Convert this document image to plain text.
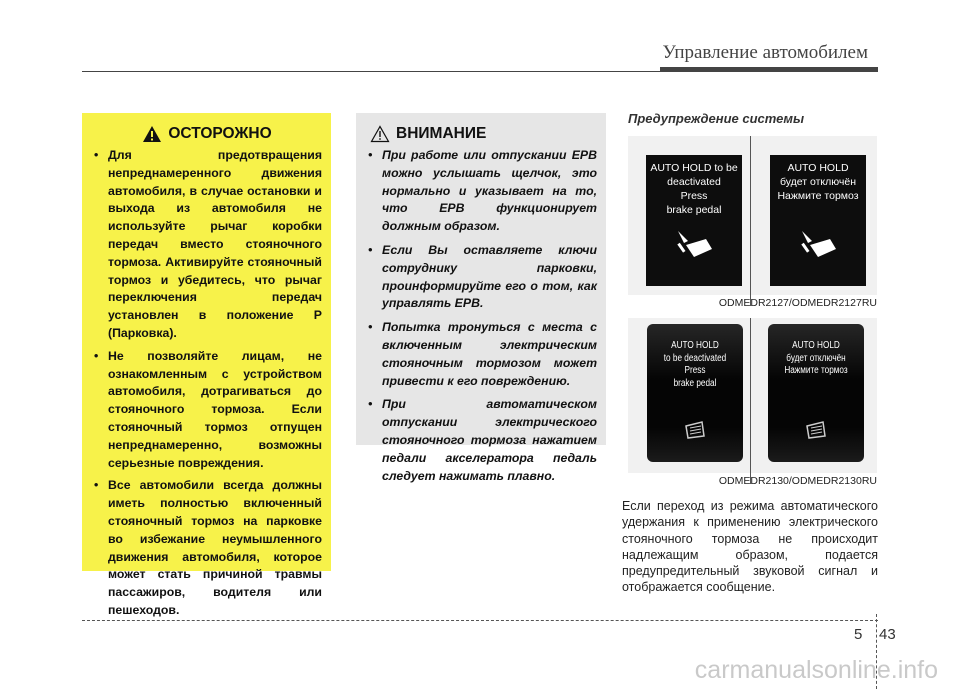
Управление автомобилем
ОСТОРОЖНО
• Для предотвращения непреднамеренного движения автомобиля, в случае остановки и выхода из автомобиля не используйте рычаг коробки передач вместо стояночного тормоза. Активируйте стояночный тормоз и убедитесь, что рычаг переключения передач установлен в положение P (Парковка).
• Не позволяйте лицам, не ознакомленным с устройством автомобиля, дотрагиваться до стояночного тормоза. Если стояночный тормоз отпущен непреднамеренно, возможны серьезные повреждения.
• Все автомобили всегда должны иметь полностью включенный стояночный тормоз на парковке во избежание неумышленного движения автомобиля, которое может стать причиной травмы пассажиров, водителя или пешеходов.
ВНИМАНИЕ
• При работе или отпускании EPB можно услышать щелчок, это нормально и указывает на то, что EPB функционирует должным образом.
• Если Вы оставляете ключи сотруднику парковки, проинформируйте его о том, как управлять EPB.
• Попытка тронуться с места с включенным электрическим стояночным тормозом может привести к его повреждению.
• При автоматическом отпускании электрического стояночного тормоза нажатием педали акселератора педаль следует нажимать плавно.
Предупреждение системы
AUTO HOLD to be
deactivated
Press
brake pedal
AUTO HOLD
будет отключён
Нажмите тормоз
ODMEDR2127/ODMEDR2127RU
AUTO HOLD
to be deactivated
Press
brake pedal
AUTO HOLD
будет отключён
Нажмите тормоз
ODMEDR2130/ODMEDR2130RU
Если переход из режима автоматического удержания к применению электрического стояночного тормоза не происходит надлежащим образом, подается предупредительный звуковой сигнал и отображается сообщение.
5 43
carmanualsonline.info
